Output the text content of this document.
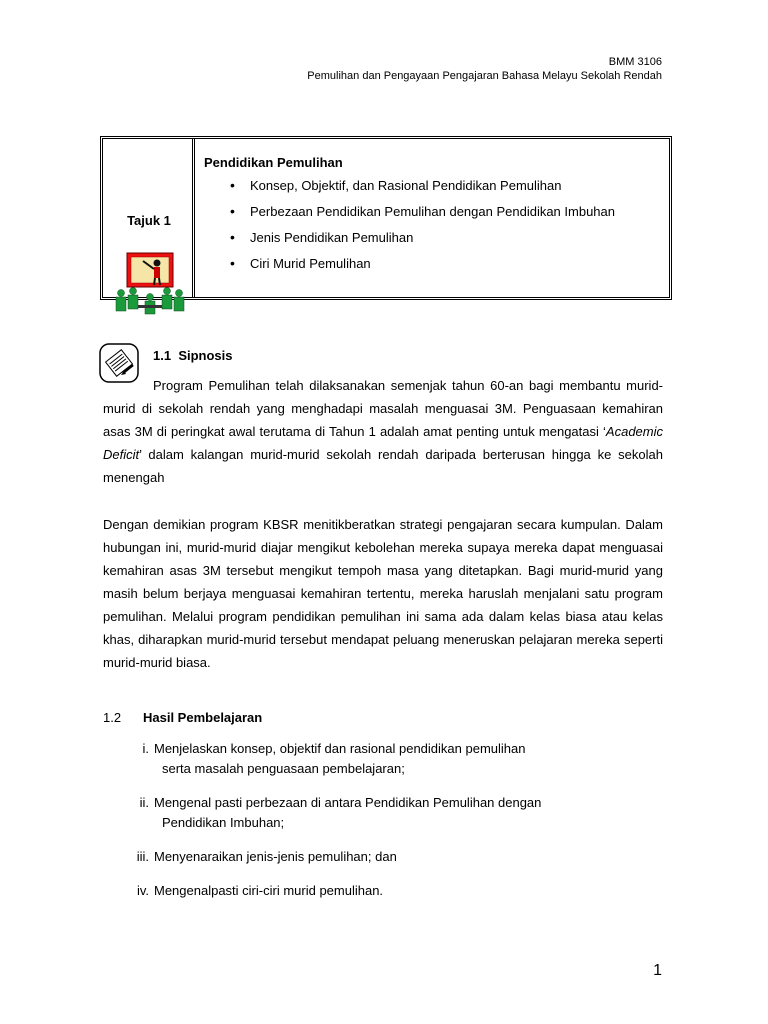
BMM 3106
Pemulihan dan Pengayaan Pengajaran Bahasa Melayu Sekolah Rendah
Tajuk 1
Pendidikan Pemulihan
• Konsep, Objektif, dan Rasional Pendidikan Pemulihan
• Perbezaan Pendidikan Pemulihan dengan Pendidikan Imbuhan
• Jenis Pendidikan Pemulihan
• Ciri Murid Pemulihan
1.1 Sipnosis

Program Pemulihan telah dilaksanakan semenjak tahun 60-an bagi membantu murid-murid di sekolah rendah yang menghadapi masalah menguasai 3M. Penguasaan kemahiran asas 3M di peringkat awal terutama di Tahun 1 adalah amat penting untuk mengatasi ‘Academic Deficit’ dalam kalangan murid-murid sekolah rendah daripada berterusan hingga ke sekolah menengah

Dengan demikian program KBSR menitikberatkan strategi pengajaran secara kumpulan. Dalam hubungan ini, murid-murid diajar mengikut kebolehan mereka supaya mereka dapat menguasai kemahiran asas 3M tersebut mengikut tempoh masa yang ditetapkan. Bagi murid-murid yang masih belum berjaya menguasai kemahiran tertentu, mereka haruslah menjalani satu program pemulihan. Melalui program pendidikan pemulihan ini sama ada dalam kelas biasa atau kelas khas, diharapkan murid-murid tersebut mendapat peluang meneruskan pelajaran mereka seperti murid-murid biasa.

1.2 Hasil Pembelajaran
i. Menjelaskan konsep, objektif dan rasional pendidikan pemulihan
serta masalah penguasaan pembelajaran;
ii. Mengenal pasti perbezaan di antara Pendidikan Pemulihan dengan
Pendidikan Imbuhan;
iii. Menyenaraikan jenis-jenis pemulihan; dan
iv. Mengenalpasti ciri-ciri murid pemulihan.
1
